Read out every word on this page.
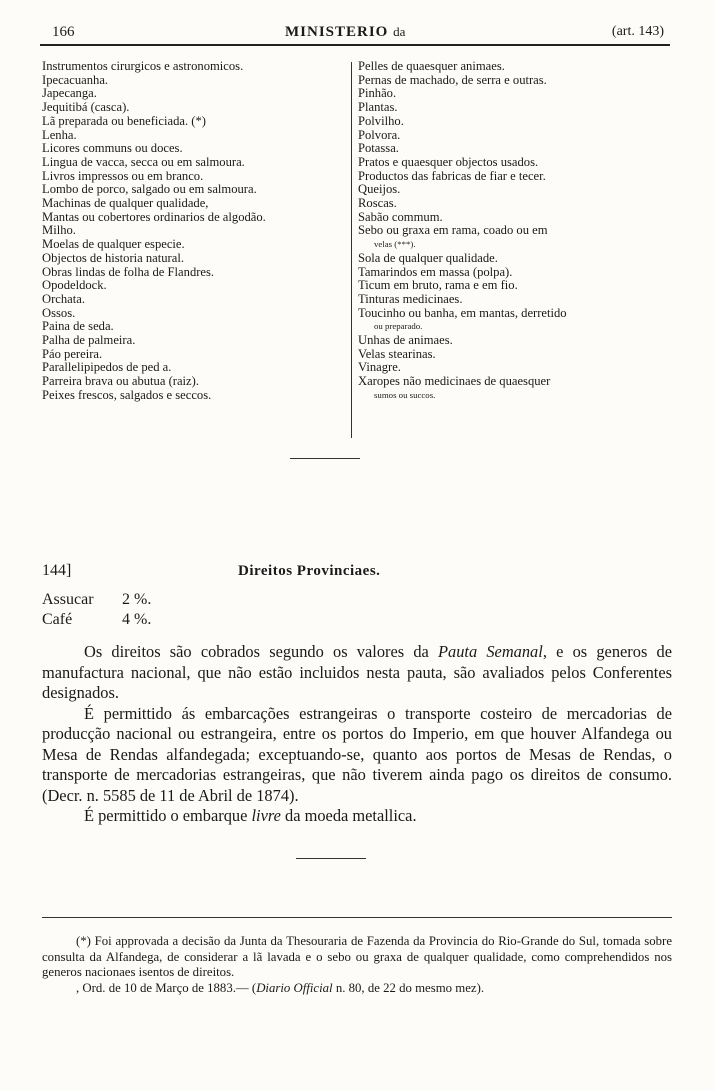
166	MINISTERIO da	(art. 143)
Instrumentos cirurgicos e astronomicos.
Ipecacuanha.
Japecanga.
Jequitibá (casca).
Lã preparada ou beneficiada. (*)
Lenha.
Licores communs ou doces.
Lingua de vacca, secca ou em salmoura.
Livros impressos ou em branco.
Lombo de porco, salgado ou em salmoura.
Machinas de qualquer qualidade,
Mantas ou cobertores ordinarios de algodão.
Milho.
Moelas de qualquer especie.
Objectos de historia natural.
Obras lindas de folha de Flandres.
Opodeldock.
Orchata.
Ossos.
Paina de seda.
Palha de palmeira.
Páo pereira.
Parallelipipedos de ped a.
Parreira brava ou abutua (raiz).
Peixes frescos, salgados e seccos.
Pelles de quaesquer animaes.
Pernas de machado, de serra e outras.
Pinhão.
Plantas.
Polvilho.
Polvora.
Potassa.
Pratos e quaesquer objectos usados.
Productos das fabricas de fiar e tecer.
Queijos.
Roscas.
Sabão commum.
Sebo ou graxa em rama, coado ou em
velas (***).
Sola de qualquer qualidade.
Tamarindos em massa (polpa).
Ticum em bruto, rama e em fio.
Tinturas medicinaes.
Toucinho ou banha, em mantas, derretido
ou preparado.
Unhas de animaes.
Velas stearinas.
Vinagre.
Xaropes não medicinaes de quaesquer
sumos ou succos.
144]	Direitos Provinciaes.
Assucar	2 %.
Café	4 %.

Os direitos são cobrados segundo os valores da Pauta Semanal, e os generos de manufactura nacional, que não estão incluidos nesta pauta, são avaliados pelos Conferentes designados.

É permittido ás embarcações estrangeiras o transporte costeiro de mercadorias de producção nacional ou estrangeira, entre os portos do Imperio, em que houver Alfandega ou Mesa de Rendas alfandegada; exceptuando-se, quanto aos portos de Mesas de Rendas, o transporte de mercadorias estrangeiras, que não tiverem ainda pago os direitos de consumo. (Decr. n. 5585 de 11 de Abril de 1874).

É permittido o embarque livre da moeda metallica.

(*) Foi approvada a decisão da Junta da Thesouraria de Fazenda da Provincia do Rio-Grande do Sul, tomada sobre consulta da Alfandega, de considerar a lã lavada e o sebo ou graxa de qualquer qualidade, como comprehendidos nos generos nacionaes isentos de direitos.

, Ord. de 10 de Março de 1883.— (Diario Official n. 80, de 22 do mesmo mez).
